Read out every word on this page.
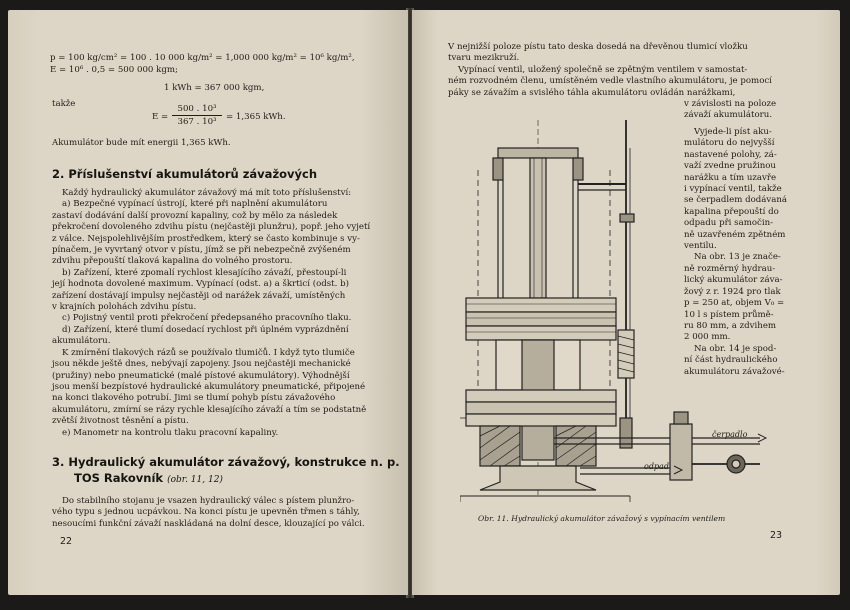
p = 100 kg/cm² = 100 . 10 000 kg/m² = 1,000 000 kg/m² = 10⁶ kg/m²,
E = 10⁶ . 0,5 = 500 000 kgm;
1 kWh = 367 000 kgm,
takže
E =
500 . 10³
367 . 10³	= 1,365 kWh.
Akumulátor bude mít energii 1,365 kWh.
2. Příslušenství akumulátorů závažových
Každý hydraulický akumulátor závažový má mít toto příslušenství:
a) Bezpečné vypínací ústrojí, které při naplnění akumulátoru
zastaví dodávání další provozní kapaliny, což by mělo za následek
překročení dovoleného zdvihu pístu (nejčastěji plunžru), popř. jeho vyjetí
z válce. Nejspolehlivějším prostředkem, který se často kombinuje s vy-
pínačem, je vyvrtaný otvor v pístu, jímž se při nebezpečně zvýšeném
zdvihu přepouští tlaková kapalina do volného prostoru.
b) Zařízení, které zpomalí rychlost klesajícího závaží, přestoupí-li
její hodnota dovolené maximum. Vypínací (odst. a) a škrticí (odst. b)
zařízení dostávají impulsy nejčastěji od narážek závaží, umístěných
v krajních polohách zdvihu pístu.
c) Pojistný ventil proti překročení předepsaného pracovního tlaku.
d) Zařízení, které tlumí dosedací rychlost při úplném vyprázdnění
akumulátoru.
K zmírnění tlakových rázů se používalo tlumičů. I když tyto tlumiče
jsou někde ještě dnes, nebývají zapojeny. Jsou nejčastěji mechanické
(pružiny) nebo pneumatické (malé pístové akumulátory). Výhodnější
jsou menší bezpístové hydraulické akumulátory pneumatické, připojené
na konci tlakového potrubí. Jimi se tlumí pohyb pístu závažového
akumulátoru, zmírní se rázy rychle klesajícího závaží a tím se podstatně
zvětší životnost těsnění a pístu.
e) Manometr na kontrolu tlaku pracovní kapaliny.
3. Hydraulický akumulátor závažový, konstrukce n. p.
TOS Rakovník (obr. 11, 12)
Do stabilního stojanu je vsazen hydraulický válec s pístem plunžro-
vého typu s jednou ucpávkou. Na konci pístu je upevněn třmen s táhly,
nesoucími funkční závaží naskládaná na dolní desce, klouzající po válci.
22
V nejnižší poloze pístu tato deska dosedá na dřevěnou tlumicí vložku
tvaru mezikruží.
Vypínací ventil, uložený společně se zpětným ventilem v samostat-
ném rozvodném členu, umístěném vedle vlastního akumulátoru, je pomocí
páky se závažím a svislého táhla akumulátoru ovládán narážkami,
v závislosti na poloze
závaží akumulátoru.
Vyjede-li píst aku-
mulátoru do nejvyšší
nastavené polohy, zá-
važí zvedne pružinou
narážku a tím uzavře
i vypínací ventil, takže
se čerpadlem dodávaná
kapalina přepouští do
odpadu při samočin-
ně uzavřeném zpětném
ventilu.
Na obr. 13 je znače-
ně rozměrný hydrau-
lický akumulátor záva-
žový z r. 1924 pro tlak
p = 250 at, objem V₀ =
10 l s pístem průmě-
ru 80 mm, a zdvihem
2 000 mm.
Na obr. 14 je spod-
ní část hydraulického
akumulátoru závažové-
čerpadlo
odpad
Obr. 11. Hydraulický akumulátor závažový s vypínacím ventilem
23
